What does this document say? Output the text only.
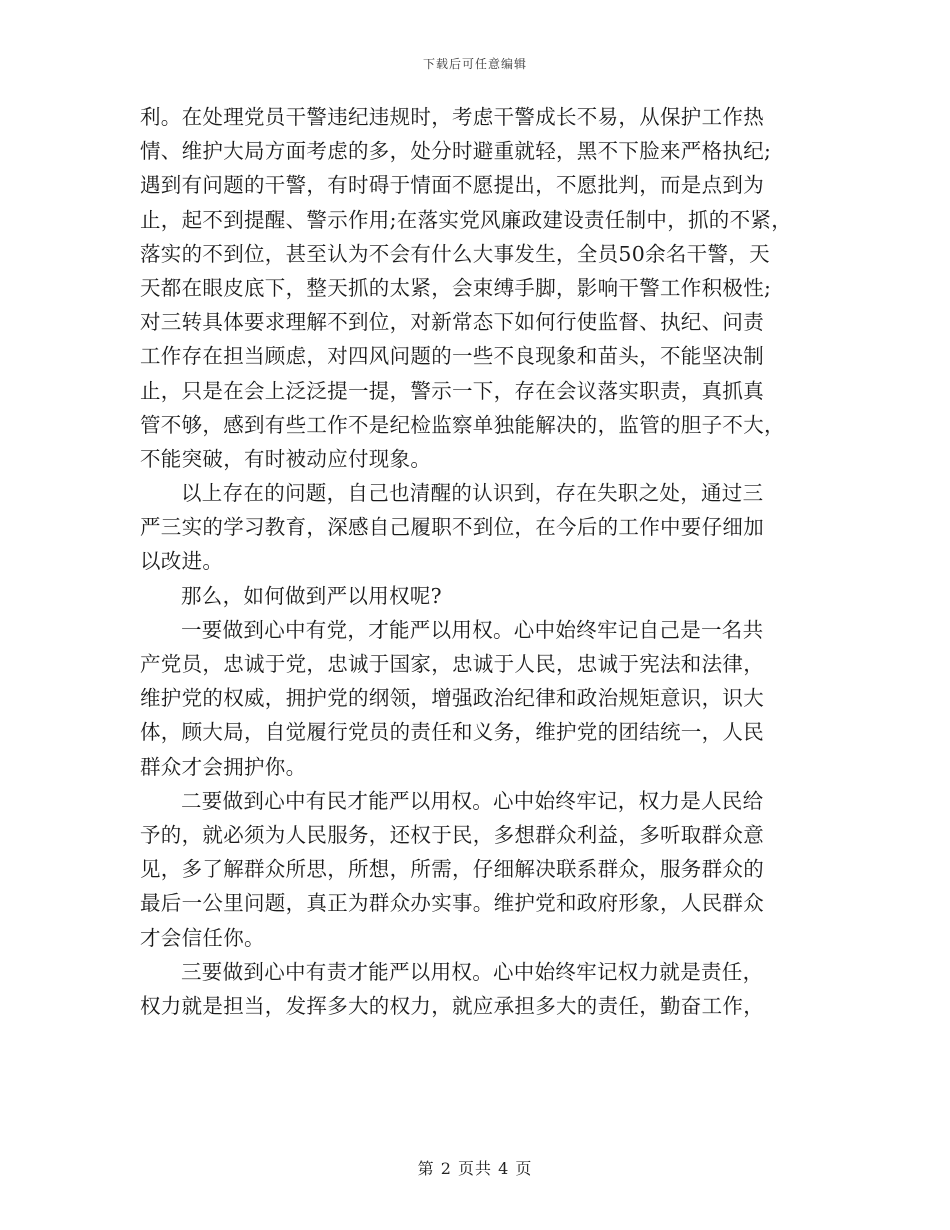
下载后可任意编辑
利。在处理党员干警违纪违规时，考虑干警成长不易，从保护工作热
情、维护大局方面考虑的多，处分时避重就轻，黑不下脸来严格执纪;
遇到有问题的干警，有时碍于情面不愿提出，不愿批判，而是点到为
止，起不到提醒、警示作用;在落实党风廉政建设责任制中，抓的不紧，
落实的不到位，甚至认为不会有什么大事发生，全员50余名干警，天
天都在眼皮底下，整天抓的太紧，会束缚手脚，影响干警工作积极性;
对三转具体要求理解不到位，对新常态下如何行使监督、执纪、问责
工作存在担当顾虑，对四风问题的一些不良现象和苗头，不能坚决制
止，只是在会上泛泛提一提，警示一下，存在会议落实职责，真抓真
管不够，感到有些工作不是纪检监察单独能解决的，监管的胆子不大，
不能突破，有时被动应付现象。
以上存在的问题，自己也清醒的认识到，存在失职之处，通过三
严三实的学习教育，深感自己履职不到位，在今后的工作中要仔细加
以改进。
那么，如何做到严以用权呢?
一要做到心中有党，才能严以用权。心中始终牢记自己是一名共
产党员，忠诚于党，忠诚于国家，忠诚于人民，忠诚于宪法和法律，
维护党的权威，拥护党的纲领，增强政治纪律和政治规矩意识，识大
体，顾大局，自觉履行党员的责任和义务，维护党的团结统一，人民
群众才会拥护你。
二要做到心中有民才能严以用权。心中始终牢记，权力是人民给
予的，就必须为人民服务，还权于民，多想群众利益，多听取群众意
见，多了解群众所思，所想，所需，仔细解决联系群众，服务群众的
最后一公里问题，真正为群众办实事。维护党和政府形象，人民群众
才会信任你。
三要做到心中有责才能严以用权。心中始终牢记权力就是责任，
权力就是担当，发挥多大的权力，就应承担多大的责任，勤奋工作，
第 2 页共 4 页
